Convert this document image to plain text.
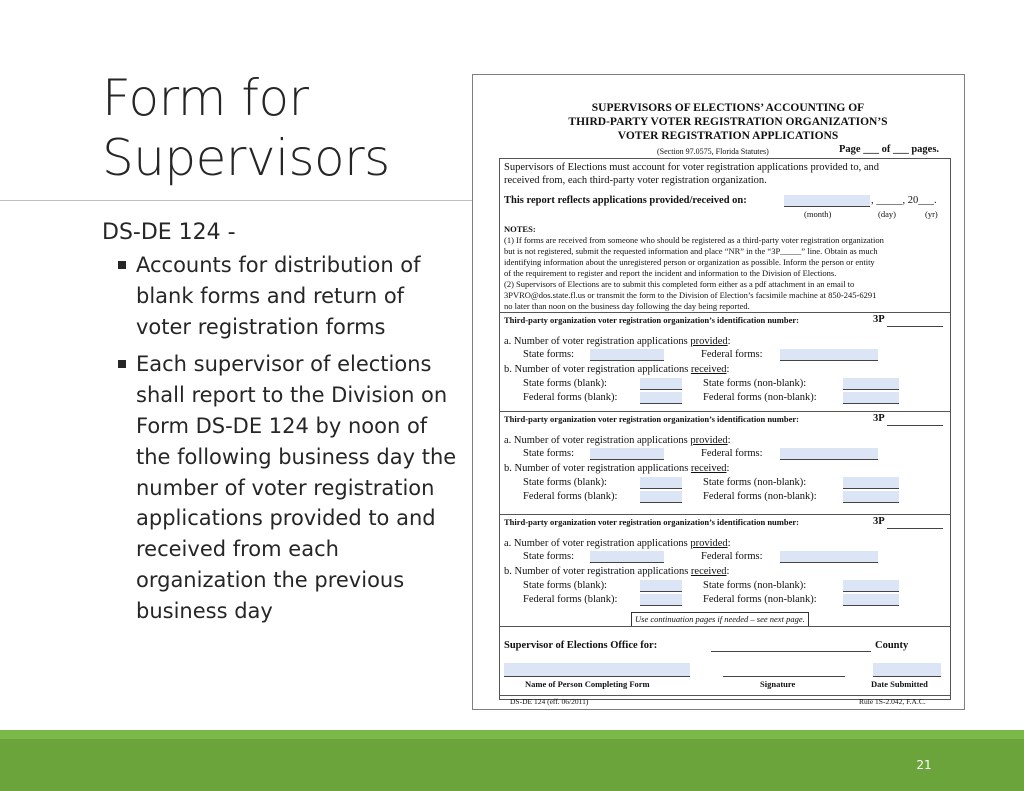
Form for
Supervisors
DS-DE 124 -
Accounts for distribution of blank forms and return of voter registration forms
Each supervisor of elections shall report to the Division on Form DS-DE 124 by noon of the following business day the number of voter registration applications provided to and received from each organization the previous business day
SUPERVISORS OF ELECTIONS’ ACCOUNTING OF
THIRD-PARTY VOTER REGISTRATION ORGANIZATION’S
VOTER REGISTRATION APPLICATIONS
(Section 97.0575, Florida Statutes)	Page ___ of ___ pages.
Supervisors of Elections must account for voter registration applications provided to, and
received from, each third-party voter registration organization.
This report reflects applications provided/received on:	, _____, 20___.
(month)	(day)	(yr)
NOTES:
(1) If forms are received from someone who should be registered as a third-party voter registration organization
but is not registered, submit the requested information and place “NR” in the “3P_____” line. Obtain as much
identifying information about the unregistered person or organization as possible. Inform the person or entity
of the requirement to register and report the incident and information to the Division of Elections.
(2) Supervisors of Elections are to submit this completed form either as a pdf attachment in an email to
3PVRO@dos.state.fl.us or transmit the form to the Division of Election’s facsimile machine at 850-245-6291
no later than noon on the business day following the day being reported.
Third-party organization voter registration organization’s identification number:	3P
a. Number of voter registration applications provided:
State forms:	Federal forms:
b. Number of voter registration applications received:
State forms (blank):	State forms (non-blank):
Federal forms (blank):	Federal forms (non-blank):
Third-party organization voter registration organization’s identification number:	3P
a. Number of voter registration applications provided:
State forms:	Federal forms:
b. Number of voter registration applications received:
State forms (blank):	State forms (non-blank):
Federal forms (blank):	Federal forms (non-blank):
Third-party organization voter registration organization’s identification number:	3P
a. Number of voter registration applications provided:
State forms:	Federal forms:
b. Number of voter registration applications received:
State forms (blank):	State forms (non-blank):
Federal forms (blank):	Federal forms (non-blank):
Use continuation pages if needed – see next page.
Supervisor of Elections Office for:	County
Name of Person Completing Form	Signature	Date Submitted
DS-DE 124 (eff. 06/2011)	Rule 1S-2.042, F.A.C.
21
